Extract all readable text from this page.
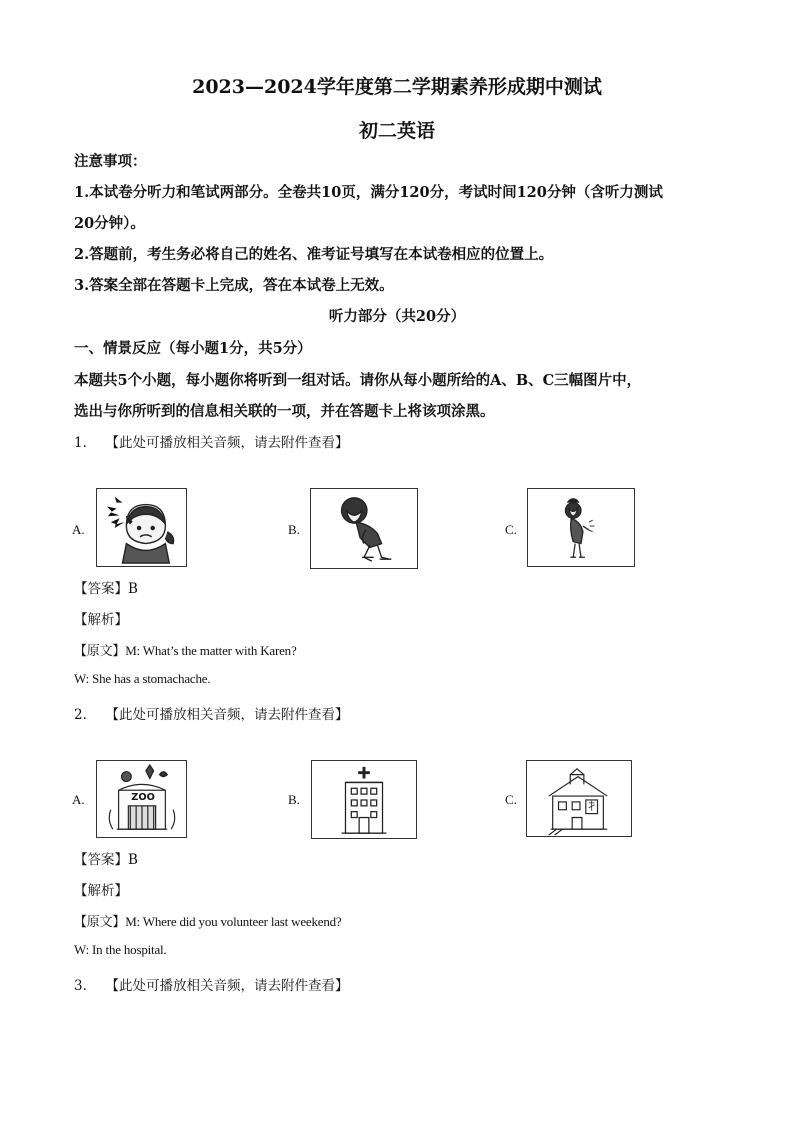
2023—2024学年度第二学期素养形成期中测试
初二英语
注意事项：
1.本试卷分听力和笔试两部分。全卷共10页，满分120分，考试时间120分钟（含听力测试
20分钟）。
2.答题前，考生务必将自己的姓名、准考证号填写在本试卷相应的位置上。
3.答案全部在答题卡上完成，答在本试卷上无效。
听力部分（共20分）
一、情景反应（每小题1分，共5分）
本题共5个小题，每小题你将听到一组对话。请你从每小题所给的A、B、C三幅图片中，
选出与你所听到的信息相关联的一项，并在答题卡上将该项涂黑。
1. 【此处可播放相关音频，请去附件查看】
A.	B.	C.
【答案】B
【解析】
【原文】M: What’s the matter with Karen?
W: She has a stomachache.
2. 【此处可播放相关音频，请去附件查看】
A.	ZOO	B.	C.
【答案】B
【解析】
【原文】M: Where did you volunteer last weekend?
W: In the hospital.
3. 【此处可播放相关音频，请去附件查看】
